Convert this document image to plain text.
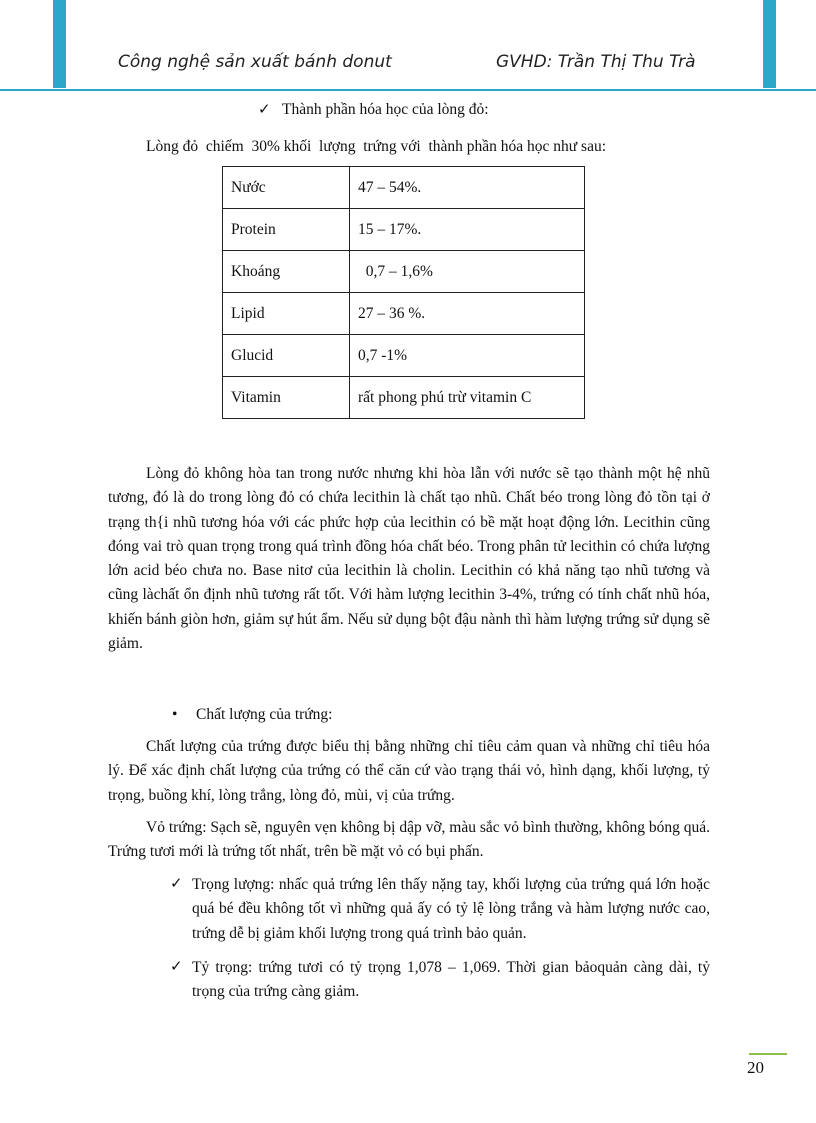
Công nghệ sản xuất bánh donut	GVHD: Trần Thị Thu Trà
✓ Thành phần hóa học của lòng đỏ:

Lòng đỏ  chiếm  30% khối  lượng  trứng với  thành phần hóa học như sau:

Nước	47 – 54%.
Protein	15 – 17%.
Khoáng	0,7 – 1,6%
Lipid	27 – 36 %.
Glucid	0,7 -1%
Vitamin	rất phong phú trừ vitamin C

Lòng đỏ không hòa tan trong nước nhưng khi hòa lẫn với nước sẽ tạo thành một hệ nhũ tương, đó là do trong lòng đỏ có chứa lecithin là chất tạo nhũ. Chất béo trong lòng đỏ tồn tại ở trạng th{i nhũ tương hóa với các phức hợp của lecithin có bề mặt hoạt động lớn. Lecithin cũng đóng vai trò quan trọng trong quá trình đồng hóa chất béo. Trong phân tử lecithin có chứa lượng lớn acid béo chưa no. Base nitơ của lecithin là cholin. Lecithin có khả năng tạo nhũ tương và cũng làchất ổn định nhũ tương rất tốt. Với hàm lượng lecithin 3-4%, trứng có tính chất nhũ hóa, khiến bánh giòn hơn, giảm sự hút ẩm. Nếu sử dụng bột đậu nành thì hàm lượng trứng sử dụng sẽ giảm.

• Chất lượng của trứng:

Chất lượng của trứng được biểu thị bằng những chỉ tiêu cảm quan và những chỉ tiêu hóa lý. Để xác định chất lượng của trứng có thể căn cứ vào trạng thái vỏ, hình dạng, khối lượng, tỷ trọng, buồng khí, lòng trắng, lòng đỏ, mùi, vị của trứng.

Vỏ trứng: Sạch sẽ, nguyên vẹn không bị dập vỡ, màu sắc vỏ bình thường, không bóng quá. Trứng tươi mới là trứng tốt nhất, trên bề mặt vỏ có bụi phấn.

✓ Trọng lượng: nhấc quả trứng lên thấy nặng tay, khối lượng của trứng quá lớn hoặc quá bé đều không tốt vì những quả ấy có tỷ lệ lòng trắng và hàm lượng nước cao, trứng dễ bị giảm khối lượng trong quá trình bảo quản.

✓ Tỷ trọng: trứng tươi có tỷ trọng 1,078 – 1,069. Thời gian bảoquản càng dài, tỷ trọng của trứng càng giảm.

20
